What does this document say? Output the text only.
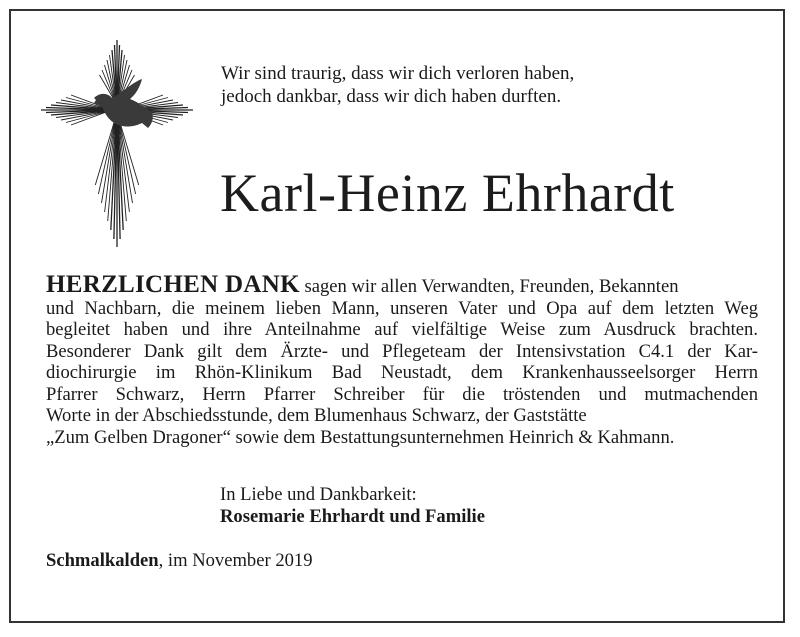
Wir sind traurig, dass wir dich verloren haben,
jedoch dankbar, dass wir dich haben durften.
Karl-Heinz Ehrhardt
HERZLICHEN DANK sagen wir allen Verwandten, Freunden, Bekannten
und Nachbarn, die meinem lieben Mann, unseren Vater und Opa auf dem letzten Weg
begleitet haben und ihre Anteilnahme auf vielfältige Weise zum Ausdruck brachten.
Besonderer Dank gilt dem Ärzte- und Pflegeteam der Intensivstation C4.1 der Kar-
diochirurgie im Rhön-Klinikum Bad Neustadt, dem Krankenhausseelsorger Herrn
Pfarrer Schwarz, Herrn Pfarrer Schreiber für die tröstenden und mutmachenden
Worte in der Abschiedsstunde, dem Blumenhaus Schwarz, der Gaststätte
„Zum Gelben Dragoner“ sowie dem Bestattungsunternehmen Heinrich & Kahmann.
In Liebe und Dankbarkeit:
Rosemarie Ehrhardt und Familie
Schmalkalden, im November 2019
